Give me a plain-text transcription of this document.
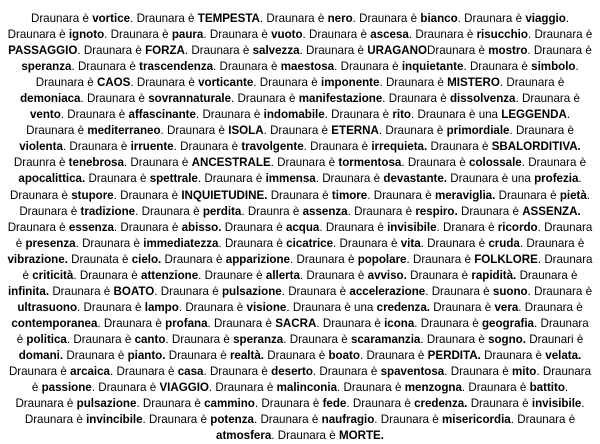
Draunara è vortice. Draunara è TEMPESTA. Draunara è nero. Draunara è bianco. Draunara è viaggio. Draunara è ignoto. Draunara è paura. Draunara è vuoto. Draunara è ascesa. Draunara è risucchio. Draunara è PASSAGGIO. Draunara è FORZA. Draunara è salvezza. Draunara è URAGANODraunara è mostro. Draunara è speranza. Draunara è trascendenza. Draunara è maestosa. Draunara è inquietante. Draunara è simbolo. Draunara è CAOS. Draunara è vorticante. Draunara è imponente. Draunara è MISTERO. Draunara è demoniaca. Draunara è sovrannaturale. Draunara è manifestazione. Draunara è dissolvenza. Draunara è vento. Draunara è affascinante. Draunara è indomabile. Draunara è rito. Draunara è una LEGGENDA. Draunara è mediterraneo. Draunara è ISOLA. Draunara è ETERNA. Draunara è primordiale. Draunara è violenta. Draunara è irruente. Draunara è travolgente. Draunara è irrequieta. Draunara è SBALORDITIVA. Draunra è tenebrosa. Draunara è ANCESTRALE. Draunara è tormentosa. Draunara è colossale. Draunara è apocalittica. Draunara è spettrale. Draunara è immensa. Draunara è devastante. Draunara è una profezia. Draunara è stupore. Draunara è INQUIETUDINE. Draunara è timore. Draunara è meraviglia. Draunara è pietà. Draunara è tradizione. Draunara è perdita. Draunra è assenza. Draunara è respiro. Draunara è ASSENZA. Draunara è essenza. Draunara è abisso. Draunara è acqua. Draunara è invisibile. Dranara è ricordo. Draunara è presenza. Draunara è immediatezza. Draunara è cicatrice. Draunara è vita. Draunara è cruda. Draunara è vibrazione. Draunata è cielo. Draunara è apparizione. Draunara è popolare. Draunara è FOLKLORE. Draunara è criticità. Draunara è attenzione. Draunare è allerta. Draunara è avviso. Draunara è rapidità. Draunara è infinita. Draunara è BOATO. Draunara è pulsazione. Draunara è accelerazione. Draunara è suono. Draunara è ultrasuono. Draunara è lampo. Draunara è visione. Draunara è una credenza. Draunara è vera. Draunara è contemporanea. Draunara è profana. Draunara è SACRA. Draunara è icona. Draunara è geografia. Draunara è politica. Draunara è canto. Draunara è speranza. Draunara è scaramanzia. Draunara è sogno. Draunari è domani. Draunara è pianto. Draunara è realtà. Draunara è boato. Draunara è PERDITA. Draunara è velata. Draunara è arcaica. Draunara è casa. Draunara è deserto. Draunara è spaventosa. Draunara è mito. Draunara è passione. Draunara è VIAGGIO. Draunara è malinconia. Draunara è menzogna. Draunara è battito. Draunara è pulsazione. Draunara è cammino. Draunara è fede. Draunara è credenza. Draunara è invisibile. Draunara è invincibile. Draunara è potenza. Draunara è naufragio. Draunara è misericordia. Draunara è atmosfera. Draunara è MORTE.
